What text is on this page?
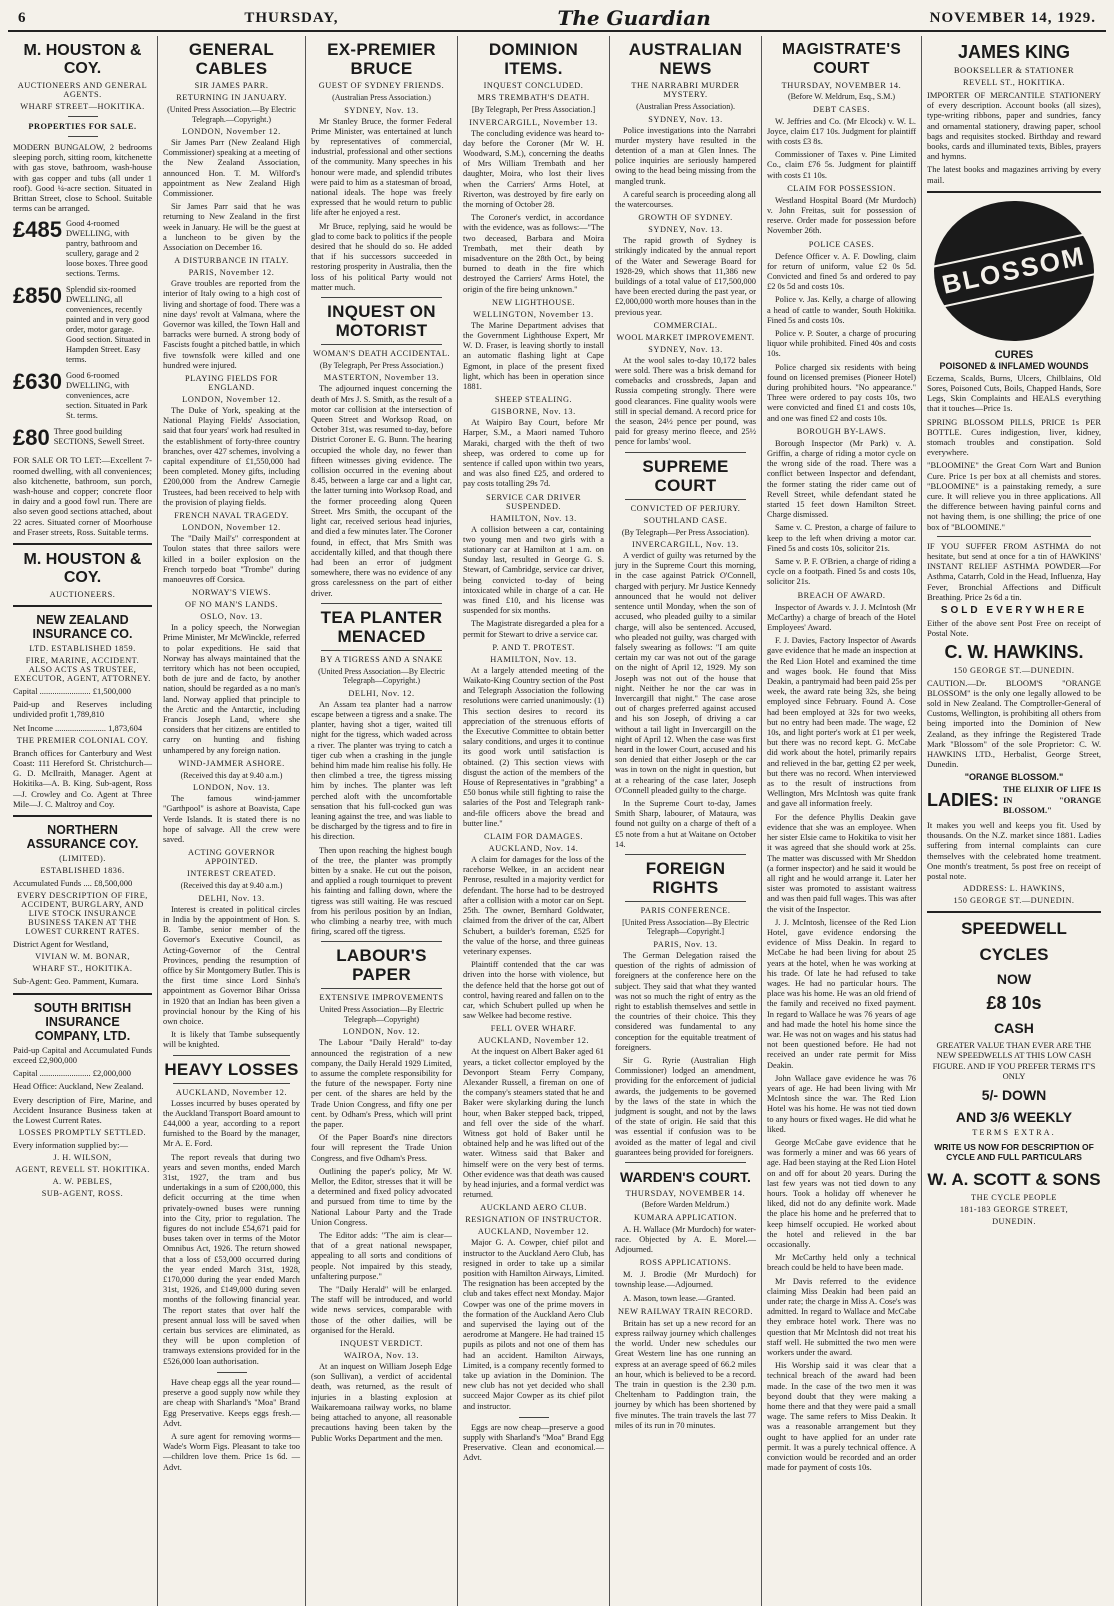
6	THURSDAY,	The Guardian	NOVEMBER 14, 1929.
M. HOUSTON & COY.
AUCTIONEERS AND GENERAL AGENTS.
WHARF STREET—HOKITIKA.
PROPERTIES FOR SALE.
MODERN BUNGALOW, 2 bedrooms sleeping porch, sitting room, kitchenette with gas stove, bathroom, wash-house with gas copper and tubs (all under 1 roof). Good ¼-acre section. Situated in Brittan Street, close to School. Suitable terms can be arranged.
£485 Good 4-roomed DWELLING, with pantry, bathroom and scullery, garage and 2 loose boxes. Three good sections. Terms.
£850 Splendid six-roomed DWELLING, all conveniences, recently painted and in very good order, motor garage. Good section. Situated in Hampden Street. Easy terms.
£630 Good 6-roomed DWELLING, with conveniences, acre section. Situated in Park St. terms.
£80 Three good building SECTIONS, Sewell Street.
FOR SALE OR TO LET:—Excellent 7-roomed dwelling, with all conveniences; also kitchenette, bathroom, sun porch, wash-house and copper; concrete floor in dairy and a good fowl run. There are also seven good sections attached, about 22 acres. Situated corner of Moorhouse and Fraser streets, Ross. Suitable terms.
M. HOUSTON & COY.
AUCTIONEERS.
NEW ZEALAND INSURANCE CO.
LTD. ESTABLISHED 1859.
FIRE, MARINE, ACCIDENT. ALSO ACTS AS TRUSTEE, EXECUTOR, AGENT, ATTORNEY.
Capital ........................ £1,500,000
Paid-up and Reserves including undivided profit 1,789,810
Net Income ........................ 1,873,604
THE PREMIER COLONIAL COY.
Branch offices for Canterbury and West Coast: 111 Hereford St. Christchurch—G. D. McIlraith, Manager. Agent at Hokitika—A. B. King. Sub-agent, Ross—J. Crowley and Co. Agent at Three Mile—J. C. Maltroy and Coy.
NORTHERN ASSURANCE COY.
(LIMITED).
ESTABLISHED 1836.
Accumulated Funds .... £8,500,000
EVERY DESCRIPTION OF FIRE, ACCIDENT, BURGLARY, AND LIVE STOCK INSURANCE BUSINESS TAKEN AT THE LOWEST CURRENT RATES.
District Agent for Westland,
VIVIAN W. M. BONAR,
WHARF ST., HOKITIKA.
Sub-Agent: Geo. Pamment, Kumara.
SOUTH BRITISH INSURANCE COMPANY, LTD.
Paid-up Capital and Accumulated Funds exceed £2,900,000
Capital ........................ £2,000,000
Head Office: Auckland, New Zealand.
Every description of Fire, Marine, and Accident Insurance Business taken at the Lowest Current Rates.
LOSSES PROMPTLY SETTLED.
Every information supplied by:—
J. H. WILSON,
AGENT, REVELL ST. HOKITIKA.
A. W. PEBLES,
SUB-AGENT, ROSS.
GENERAL CABLES
SIR JAMES PARR.
RETURNING IN JANUARY.
(United Press Association.—By Electric Telegraph.—Copyright.)
LONDON, November 12.

Sir James Parr (New Zealand High Commissioner) speaking at a meeting of the New Zealand Association, announced Hon. T. M. Wilford's appointment as New Zealand High Commissioner.

Sir James Parr said that he was returning to New Zealand in the first week in January. He will be the guest at a luncheon to be given by the Association on December 16.

A DISTURBANCE IN ITALY.
PARIS, November 12.

Grave troubles are reported from the interior of Italy owing to a high cost of living and shortage of food. There was a nine days' revolt at Valmana, where the Governor was killed, the Town Hall and barracks were burned. A strong body of Fascists fought a pitched battle, in which five townsfolk were killed and one hundred were injured.

PLAYING FIELDS FOR ENGLAND.
LONDON, November 12.

The Duke of York, speaking at the National Playing Fields' Association, said that four years' work had resulted in the establishment of forty-three country branches, over 427 schemes, involving a capital expenditure of £1,550,000 had been completed. Money gifts, including £200,000 from the Andrew Carnegie Trustees, had been received to help with the provision of playing fields.

FRENCH NAVAL TRAGEDY.
LONDON, November 12.

The "Daily Mail's" correspondent at Toulon states that three sailors were killed in a boiler explosion on the French torpedo boat "Trombe" during manoeuvres off Corsica.

NORWAY'S VIEWS.
OF NO MAN'S LANDS.
OSLO, Nov. 13.

In a policy speech, the Norwegian Prime Minister, Mr McWinckle, referred to polar expeditions. He said that Norway has always maintained that the territory which has not been occupied, both de jure and de facto, by another nation, should be regarded as a no man's land. Norway applied that principle to the Arctic and the Antarctic, including Francis Joseph Land, where she considers that her citizens are entitled to carry on hunting and fishing unhampered by any foreign nation.

WIND-JAMMER ASHORE.
(Received this day at 9.40 a.m.)
LONDON, Nov. 13.

The famous wind-jammer "Garthpool" is ashore at Boavista, Cape Verde Islands. It is stated there is no hope of salvage. All the crew were saved.

ACTING GOVERNOR APPOINTED.
INTEREST CREATED.
(Received this day at 9.40 a.m.)
DELHI, Nov. 13.

Interest is created in political circles in India by the appointment of Hon. S. B. Tambe, senior member of the Governor's Executive Council, as Acting-Governor of the Central Provinces, pending the resumption of office by Sir Montgomery Butler. This is the first time since Lord Sinha's appointment as Governor Bihar Orissa in 1920 that an Indian has been given a provincial honour by the King of his own choice.

It is likely that Tambe subsequently will be knighted.

HEAVY LOSSES
AUCKLAND, November 12.

Losses incurred by buses operated by the Auckland Transport Board amount to £44,000 a year, according to a report furnished to the Board by the manager, Mr A. E. Ford.

The report reveals that during two years and seven months, ended March 31st, 1927, the tram and bus undertakings in a sum of £200,000, this deficit occurring at the time when privately-owned buses were running into the City, prior to regulation. The figures do not include £54,671 paid for buses taken over in terms of the Motor Omnibus Act, 1926. The return showed that a loss of £53,000 occurred during the year ended March 31st, 1928, £170,000 during the year ended March 31st, 1926, and £149,000 during seven months of the following financial year. The report states that over half the present annual loss will be saved when certain bus services are eliminated, as they will be upon completion of tramways extensions provided for in the £526,000 loan authorisation.

Have cheap eggs all the year round—preserve a good supply now while they are cheap with Sharland's "Moa" Brand Egg Preservative. Keeps eggs fresh.—Advt.

A sure agent for removing worms—Wade's Worm Figs. Pleasant to take too—children love them. Price 1s 6d. —Advt.

EX-PREMIER BRUCE
GUEST OF SYDNEY FRIENDS.
(Australian Press Association.)
SYDNEY, Nov. 13.

Mr Stanley Bruce, the former Federal Prime Minister, was entertained at lunch by representatives of commercial, industrial, professional and other sections of the community. Many speeches in his honour were made, and splendid tributes were paid to him as a statesman of broad, national ideals. The hope was freely expressed that he would return to public life after he enjoyed a rest.

Mr Bruce, replying, said he would be glad to come back to politics if the people desired that he should do so. He added that if his successors succeeded in restoring prosperity in Australia, then the loss of his political Party would not matter much.

INQUEST ON MOTORIST
WOMAN'S DEATH ACCIDENTAL.
(By Telegraph, Per Press Association.)
MASTERTON, November 13.

The adjourned inquest concerning the death of Mrs J. S. Smith, as the result of a motor car collision at the intersection of Queen Street and Worksop Road, on October 31st, was resumed to-day, before District Coroner E. G. Bunn. The hearing occupied the whole day, no fewer than fifteen witnesses giving evidence. The collision occurred in the evening about 8.45, between a large car and a light car, the latter turning into Worksop Road, and the former proceeding along Queen Street. Mrs Smith, the occupant of the light car, received serious head injuries, and died a few minutes later. The Coroner found, in effect, that Mrs Smith was accidentally killed, and that though there had been an error of judgment somewhere, there was no evidence of any gross carelessness on the part of either driver.

TEA PLANTER MENACED
BY A TIGRESS AND A SNAKE
(United Press Association—By Electric Telegraph—Copyright.)
DELHI, Nov. 12.

An Assam tea planter had a narrow escape between a tigress and a snake. The planter, having shot a tiger, waited till night for the tigress, which waded across a river. The planter was trying to catch a tiger cub when a crashing in the jungle behind him made him realise his folly. He then climbed a tree, the tigress missing him by inches. The planter was left perched aloft with the uncomfortable sensation that his full-cocked gun was leaning against the tree, and was liable to be discharged by the tigress and to fire in his direction.

Then upon reaching the highest bough of the tree, the planter was promptly bitten by a snake. He cut out the poison, and applied a rough tourniquet to prevent his fainting and falling down, where the tigress was still waiting. He was rescued from his perilous position by an Indian, who climbing a nearby tree, with much firing, scared off the tigress.

LABOUR'S PAPER
EXTENSIVE IMPROVEMENTS
United Press Association—By Electric Telegraph—Copyright)
LONDON, Nov. 12.

The Labour "Daily Herald" to-day announced the registration of a new company, the Daily Herald 1929 Limited, to assume the complete responsibility for the future of the newspaper. Forty nine per cent. of the shares are held by the Trade Union Congress, and fifty one per cent. by Odham's Press, which will print the paper.

Of the Paper Board's nine directors four will represent the Trade Union Congress, and five Odham's Press.

Outlining the paper's policy, Mr W. Mellor, the Editor, stresses that it will be a determined and fixed policy advocated and pursued from time to time by the National Labour Party and the Trade Union Congress.

The Editor adds: "The aim is clear—that of a great national newspaper, appealing to all sorts and conditions of people. Not impaired by this steady, unfaltering purpose."

The "Daily Herald" will be enlarged. The staff will be introduced, and world wide news services, comparable with those of the other dailies, will be organised for the Herald.

INQUEST VERDICT.
WAIROA, Nov. 13.

At an inquest on William Joseph Edge (son Sullivan), a verdict of accidental death, was returned, as the result of injuries in a blasting explosion at Waikaremoana railway works, no blame being attached to anyone, all reasonable precautions having been taken by the Public Works Department and the men.

DOMINION ITEMS.
INQUEST CONCLUDED.
MRS TREMBATH'S DEATH.
[By Telegraph, Per Press Association.]
INVERCARGILL, November 13.

The concluding evidence was heard to-day before the Coroner (Mr W. H. Woodward, S.M.), concerning the deaths of Mrs William Trembath and her daughter, Moira, who lost their lives when the Carriers' Arms Hotel, at Riverton, was destroyed by fire early on the morning of October 28.

The Coroner's verdict, in accordance with the evidence, was as follows:—"The two deceased, Barbara and Moira Trembath, met their death by misadventure on the 28th Oct., by being burned to death in the fire which destroyed the Carriers' Arms Hotel, the origin of the fire being unknown."

NEW LIGHTHOUSE.
WELLINGTON, November 13.

The Marine Department advises that the Government Lighthouse Expert, Mr W. D. Fraser, is leaving shortly to install an automatic flashing light at Cape Egmont, in place of the present fixed light, which has been in operation since 1881.

SHEEP STEALING.
GISBORNE, Nov. 13.

At Waipiro Bay Court, before Mr Harper, S.M., a Maori named Tuhoro Maraki, charged with the theft of two sheep, was ordered to come up for sentence if called upon within two years, and was also fined £25, and ordered to pay costs totalling 29s 7d.

SERVICE CAR DRIVER SUSPENDED.
HAMILTON, Nov. 13.

A collision between a car, containing two young men and two girls with a stationary car at Hamilton at 1 a.m. on Sunday last, resulted in George G. S. Stewart, of Cambridge, service car driver, being convicted to-day of being intoxicated while in charge of a car. He was fined £10, and his license was suspended for six months.

The Magistrate disregarded a plea for a permit for Stewart to drive a service car.

P. AND T. PROTEST.
HAMILTON, Nov. 13.

At a largely attended meeting of the Waikato-King Country section of the Post and Telegraph Association the following resolutions were carried unanimously: (1) This section desires to record its appreciation of the strenuous efforts of the Executive Committee to obtain better salary conditions, and urges it to continue its good work until satisfaction is obtained. (2) This section views with disgust the action of the members of the House of Representatives in "grabbing" a £50 bonus while still fighting to raise the salaries of the Post and Telegraph rank-and-file officers above the bread and butter line."

CLAIM FOR DAMAGES.
AUCKLAND, Nov. 14.

A claim for damages for the loss of the racehorse Welkee, in an accident near Penrose, resulted in a majority verdict for defendant. The horse had to be destroyed after a collision with a motor car on Sept. 25th. The owner, Bernhard Goldwater, claimed from the driver of the car, Albert Schubert, a builder's foreman, £525 for the value of the horse, and three guineas veterinary expenses.

Plaintiff contended that the car was driven into the horse with violence, but the defence held that the horse got out of control, having reared and fallen on to the car, which Schubert pulled up when he saw Welkee had become restive.

FELL OVER WHARF.
AUCKLAND, November 12.

At the inquest on Albert Baker aged 61 years, a ticket collector employed by the Devonport Steam Ferry Company, Alexander Russell, a fireman on one of the company's steamers stated that he and Baker were skylarking during the lunch hour, when Baker stepped back, tripped, and fell over the side of the wharf. Witness got hold of Baker until he obtained help and he was lifted out of the water. Witness said that Baker and himself were on the very best of terms. Other evidence was that death was caused by head injuries, and a formal verdict was returned.

AUCKLAND AERO CLUB.
RESIGNATION OF INSTRUCTOR.
AUCKLAND, November 12.

Major G. A. Cowper, chief pilot and instructor to the Auckland Aero Club, has resigned in order to take up a similar position with Hamilton Airways, Limited. The resignation has been accepted by the club and takes effect next Monday. Major Cowper was one of the prime movers in the formation of the Auckland Aero Club and supervised the laying out of the aerodrome at Mangere. He had trained 15 pupils as pilots and not one of them has had an accident. Hamilton Airways, Limited, is a company recently formed to take up aviation in the Dominion. The new club has not yet decided who shall succeed Major Cowper as its chief pilot and instructor.

Eggs are now cheap—preserve a good supply with Sharland's "Moa" Brand Egg Preservative. Clean and economical.—Advt.

AUSTRALIAN NEWS
THE NARRABRI MURDER MYSTERY.
(Australian Press Association).
SYDNEY, Nov. 13.

Police investigations into the Narrabri murder mystery have resulted in the detention of a man at Glen Innes. The police inquiries are seriously hampered owing to the head being missing from the mangled trunk.

A careful search is proceeding along all the watercourses.

GROWTH OF SYDNEY.
SYDNEY, Nov. 13.

The rapid growth of Sydney is strikingly indicated by the annual report of the Water and Sewerage Board for 1928-29, which shows that 11,386 new buildings of a total value of £17,500,000 have been erected during the past year, or £2,000,000 worth more houses than in the previous year.

COMMERCIAL.
WOOL MARKET IMPROVEMENT.
SYDNEY, Nov. 13.

At the wool sales to-day 10,172 bales were sold. There was a brisk demand for comebacks and crossbreds, Japan and Russia competing strongly. There were good clearances. Fine quality wools were still in special demand. A record price for the season, 24½ pence per pound, was paid for greasy merino fleece, and 25½ pence for lambs' wool.

SUPREME COURT
CONVICTED OF PERJURY.
SOUTHLAND CASE.
(By Telegraph—Per Press Association).
INVERCARGILL, Nov. 13.

A verdict of guilty was returned by the jury in the Supreme Court this morning, in the case against Patrick O'Connell, charged with perjury. Mr Justice Kennedy announced that he would not deliver sentence until Monday, when the son of accused, who pleaded guilty to a similar charge, will also be sentenced. Accused, who pleaded not guilty, was charged with falsely swearing as follows: "I am quite certain my car was not out of the garage on the night of April 12, 1929. My son Joseph was not out of the house that night. Neither he nor the car was in Invercargill that night." The case arose out of charges preferred against accused and his son Joseph, of driving a car without a tail light in Invercargill on the night of April 12. When the case was first heard in the lower Court, accused and his son denied that either Joseph or the car was in town on the night in question, but at a rehearing of the case later, Joseph O'Connell pleaded guilty to the charge.

In the Supreme Court to-day, James Smith Sharp, labourer, of Mataura, was found not guilty on a charge of theft of a £5 note from a hut at Waitane on October 14.

FOREIGN RIGHTS
PARIS CONFERENCE.
[United Press Association—By Electric Telegraph—Copyright.]
PARIS, Nov. 13.

The German Delegation raised the question of the rights of admission of foreigners at the conference here on the subject. They said that what they wanted was not so much the right of entry as the right to establish themselves and settle in the countries of their choice. This they considered was fundamental to any conception for the equitable treatment of foreigners.

Sir G. Ryrie (Australian High Commissioner) lodged an amendment, providing for the enforcement of judicial awards, the judgements to be governed by the laws of the state in which the judgment is sought, and not by the laws of the state of origin. He said that this was essential if confusion was to be avoided as the matter of legal and civil guarantees being provided for foreigners.

WARDEN'S COURT.
THURSDAY, NOVEMBER 14.
(Before Warden Meldrum.)
KUMARA APPLICATION.

A. H. Wallace (Mr Murdoch) for water-race. Objected by A. E. Morel.—Adjourned.

ROSS APPLICATIONS.

M. J. Brodie (Mr Murdoch) for township lease.—Adjourned.

A. Mason, town lease.—Granted.

NEW RAILWAY TRAIN RECORD.

Britain has set up a new record for an express railway journey which challenges the world. Under new schedules our Great Western line has one running an express at an average speed of 66.2 miles an hour, which is believed to be a record. The train in question is the 2.30 p.m. Cheltenham to Paddington train, the journey by which has been shortened by five minutes. The train travels the last 77 miles of its run in 70 minutes.

MAGISTRATE'S COURT
THURSDAY, NOVEMBER 14.
(Before W. Meldrum, Esq., S.M.)
DEBT CASES.

W. Jeffries and Co. (Mr Elcock) v. W. L. Joyce, claim £17 10s. Judgment for plaintiff with costs £3 8s.

Commissioner of Taxes v. Pine Limited Co., claim £76 5s. Judgment for plaintiff with costs £1 10s.

CLAIM FOR POSSESSION.

Westland Hospital Board (Mr Murdoch) v. John Freitas, suit for possession of reserve. Order made for possession before November 26th.

POLICE CASES.

Defence Officer v. A. F. Dowling, claim for return of uniform, value £2 0s 5d. Convicted and fined 5s and ordered to pay £2 0s 5d and costs 10s.

Police v. Jas. Kelly, a charge of allowing a head of cattle to wander, South Hokitika. Fined 5s and costs 10s.

Police v. P. Souter, a charge of procuring liquor while prohibited. Fined 40s and costs 10s.

Police charged six residents with being found on licensed premises (Pioneer Hotel) during prohibited hours. "No appearance." Three were ordered to pay costs 10s, two were convicted and fined £1 and costs 10s, and one was fined £2 and costs 10s.

BOROUGH BY-LAWS.

Borough Inspector (Mr Park) v. A. Griffin, a charge of riding a motor cycle on the wrong side of the road. There was a conflict between Inspector and defendant, the former stating the rider came out of Revell Street, while defendant stated he started 15 feet down Hamilton Street. Charge dismissed.

Same v. C. Preston, a charge of failure to keep to the left when driving a motor car. Fined 5s and costs 10s, solicitor 21s.

Same v. P. F. O'Brien, a charge of riding a cycle on a footpath. Fined 5s and costs 10s, solicitor 21s.

BREACH OF AWARD.

Inspector of Awards v. J. J. McIntosh (Mr McCarthy) a charge of breach of the Hotel Employees' Award.

F. J. Davies, Factory Inspector of Awards gave evidence that he made an inspection at the Red Lion Hotel and examined the time and wages book. He found that Miss Deakin, a pantrymaid had been paid 25s per week, the award rate being 32s, she being employed since February. Found A. Cose had been employed at 32s for two weeks, but no entry had been made. The wage, £2 10s, and light porter's work at £1 per week, but there was no record kept. G. McCabe did work about the hotel, primarily repairs and relieved in the bar, getting £2 per week, but there was no record. When interviewed as to the result of instructions from Wellington, Mrs McIntosh was quite frank and gave all information freely.

For the defence Phyllis Deakin gave evidence that she was an employee. When her sister Elsie came to Hokitika to visit her it was agreed that she should work at 25s. The matter was discussed with Mr Sheddon (a former inspector) and he said it would be all right and he would arrange it. Later her sister was promoted to assistant waitress and was then paid full wages. This was after the visit of the Inspector.

J. J. McIntosh, licensee of the Red Lion Hotel, gave evidence endorsing the evidence of Miss Deakin. In regard to McCabe he had been living for about 25 years at the hotel, when he was working at his trade. Of late he had refused to take wages. He had no particular hours. The place was his home. He was an old friend of the family and received no fixed payment. In regard to Wallace he was 76 years of age and had made the hotel his home since the war. He was not on wages and his status had not been questioned before. He had not received an under rate permit for Miss Deakin.

John Wallace gave evidence he was 76 years of age. He had been living with Mr McIntosh since the war. The Red Lion Hotel was his home. He was not tied down to any hours or fixed wages. He did what he liked.

George McCabe gave evidence that he was formerly a miner and was 66 years of age. Had been staying at the Red Lion Hotel on and off for about 20 years. During the last few years was not tied down to any hours. Took a holiday off whenever he liked, did not do any definite work. Made the place his home and he preferred that to keep himself occupied. He worked about the hotel and relieved in the bar occasionally.

Mr McCarthy held only a technical breach could be held to have been made.

Mr Davis referred to the evidence claiming Miss Deakin had been paid an under rate; the charge in Miss A. Cose's was admitted. In regard to Wallace and McCabe they embrace hotel work. There was no question that Mr McIntosh did not treat his staff well. He submitted the two men were workers under the award.

His Worship said it was clear that a technical breach of the award had been made. In the case of the two men it was beyond doubt that they were making a home there and that they were paid a small wage. The same refers to Miss Deakin. It was a reasonable arrangement but they ought to have applied for an under rate permit. It was a purely technical offence. A conviction would be recorded and an order made for payment of costs 10s.

JAMES KING
BOOKSELLER & STATIONER
REVELL ST., HOKITIKA.
IMPORTER OF MERCANTILE STATIONERY of every description. Account books (all sizes), type-writing ribbons, paper and sundries, fancy and ornamental stationery, drawing paper, school bags and requisites stocked. Birthday and reward books, cards and illuminated texts, Bibles, prayers and hymns.
The latest books and magazines arriving by every mail.
BLOSSOM
CURES
POISONED & INFLAMED WOUNDS
Eczema, Scalds, Burns, Ulcers, Chilblains, Old Sores, Poisoned Cuts, Boils, Chapped Hands, Sore Legs, Skin Complaints and HEALS everything that it touches—Price 1s.
SPRING BLOSSOM PILLS, PRICE 1s PER BOTTLE. Cures indigestion, liver, kidney, stomach troubles and constipation. Sold everywhere.
"BLOOMINE" the Great Corn Wart and Bunion Cure. Price 1s per box at all chemists and stores. "BLOOMINE" is a painstaking remedy, a sure cure. It will relieve you in three applications. All the difference between having painful corns and not having them, is one shilling; the price of one box of "BLOOMINE."
IF YOU SUFFER FROM ASTHMA do not hesitate, but send at once for a tin of HAWKINS' INSTANT RELIEF ASTHMA POWDER—For Asthma, Catarrh, Cold in the Head, Influenza, Hay Fever, Bronchial Affections and Difficult Breathing. Price 2s 6d a tin.
SOLD EVERYWHERE
Either of the above sent Post Free on receipt of Postal Note.
C. W. HAWKINS.
150 GEORGE ST.—DUNEDIN.
CAUTION.—Dr. BLOOM'S "ORANGE BLOSSOM" is the only one legally allowed to be sold in New Zealand. The Comptroller-General of Customs, Wellington, is prohibiting all others from being imported into the Dominion of New Zealand, as they infringe the Registered Trade Mark "Blossom" of the sole Proprietor: C. W. HAWKINS LTD., Herbalist, George Street, Dunedin.
"ORANGE BLOSSOM."
LADIES:
THE ELIXIR OF LIFE IS IN "ORANGE BLOSSOM."
It makes you well and keeps you fit. Used by thousands. On the N.Z. market since 1881. Ladies suffering from internal complaints can cure themselves with the celebrated home treatment. One month's treatment, 5s post free on receipt of postal note.
ADDRESS: L. HAWKINS,
150 GEORGE ST.—DUNEDIN.
SPEEDWELL
CYCLES
NOW
£8 10s
CASH
GREATER VALUE THAN EVER ARE THE NEW SPEEDWELLS AT THIS LOW CASH FIGURE. AND IF YOU PREFER TERMS IT'S ONLY
5/- DOWN
AND 3/6 WEEKLY
TERMS EXTRA.
WRITE US NOW FOR DESCRIPTION OF CYCLE AND FULL PARTICULARS
W. A. SCOTT & SONS
THE CYCLE PEOPLE
181-183 GEORGE STREET,
DUNEDIN.
